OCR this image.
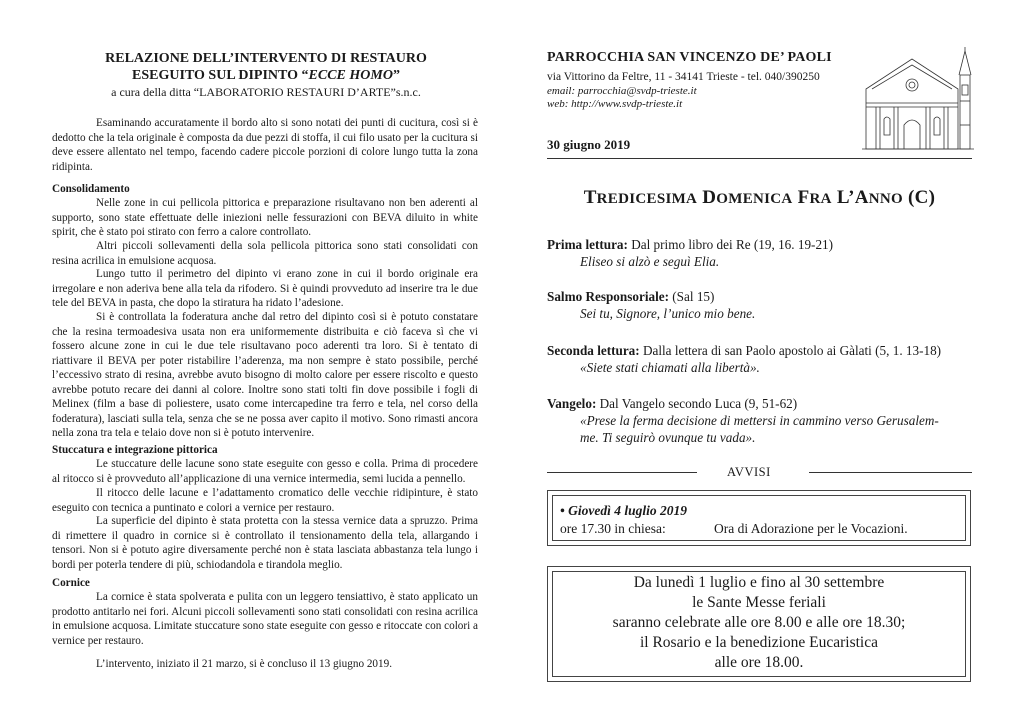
RELAZIONE DELL’INTERVENTO DI RESTAURO
ESEGUITO SUL DIPINTO “ECCE HOMO”
a cura della ditta “LABORATORIO RESTAURI D’ARTE”s.n.c.

Esaminando accuratamente il bordo alto si sono notati dei punti di cucitura, così si è dedotto che la tela originale è composta da due pezzi di stoffa, il cui filo usato per la cucitura si deve essere allentato nel tempo, facendo cadere piccole porzioni di colore lungo tutta la zona ridipinta.

Consolidamento

Nelle zone in cui pellicola pittorica e preparazione risultavano non ben aderenti al supporto, sono state effettuate delle iniezioni nelle fessurazioni con BEVA diluito in white spirit, che è stato poi stirato con ferro a calore controllato.

Altri piccoli sollevamenti della sola pellicola pittorica sono stati consolidati con resina acrilica in emulsione acquosa.

Lungo tutto il perimetro del dipinto vi erano zone in cui il bordo originale era irregolare e non aderiva bene alla tela da rifodero. Si è quindi provveduto ad inserire tra le due tele del BEVA in pasta, che dopo la stiratura ha ridato l’adesione.

Si è controllata la foderatura anche dal retro del dipinto così si è potuto constatare che la resina termoadesiva usata non era uniformemente distribuita e ciò faceva sì che vi fossero alcune zone in cui le due tele risultavano poco aderenti tra loro. Si è tentato di riattivare il BEVA per poter ristabilire l’aderenza, ma non sempre è stato possibile, perché l’eccessivo strato di resina, avrebbe avuto bisogno di molto calore per essere riscolto e questo avrebbe potuto recare dei danni al colore. Inoltre sono stati tolti fin dove possibile i fogli di Melinex (film a base di poliestere, usato come intercapedine tra ferro e tela, nel corso della foderatura), lasciati sulla tela, senza che se ne possa aver capito il motivo. Sono rimasti ancora nella zona tra tela e telaio dove non si è potuto intervenire.

Stuccatura e integrazione pittorica

Le stuccature delle lacune sono state eseguite con gesso e colla. Prima di procedere al ritocco si è provveduto all’applicazione di una vernice intermedia, semi lucida a pennello.

Il ritocco delle lacune e l’adattamento cromatico delle vecchie ridipinture, è stato eseguito con tecnica a puntinato e colori a vernice per restauro.

La superficie del dipinto è stata protetta con la stessa vernice data a spruzzo. Prima di rimettere il quadro in cornice si è controllato il tensionamento della tela, allargando i tensori. Non si è potuto agire diversamente perché non è stata lasciata abbastanza tela lungo i bordi per poterla tendere di più, schiodandola e tirandola meglio.

Cornice

La cornice è stata spolverata e pulita con un leggero tensiattivo, è stato applicato un prodotto antitarlo nei fori. Alcuni piccoli sollevamenti sono stati consolidati con resina acrilica in emulsione acquosa. Limitate stuccature sono state eseguite con gesso e ritoccate con colori a vernice per restauro.

L’intervento, iniziato il 21 marzo, si è concluso il 13 giugno 2019.

PARROCCHIA SAN VINCENZO DE’ PAOLI
via Vittorino da Feltre, 11 - 34141 Trieste - tel. 040/390250
email: parrocchia@svdp-trieste.it
web: http://www.svdp-trieste.it
30 giugno 2019
TREDICESIMA DOMENICA FRA L’ANNO (C)
Prima lettura: Dal primo libro dei Re (19, 16. 19-21)
Eliseo si alzò e seguì Elia.
Salmo Responsoriale: (Sal 15)
Sei tu, Signore, l’unico mio bene.
Seconda lettura: Dalla lettera di san Paolo apostolo ai Gàlati (5, 1. 13-18)
«Siete stati chiamati alla libertà».
Vangelo: Dal Vangelo secondo Luca (9, 51-62)
«Prese la ferma decisione di mettersi in cammino verso Gerusalem-
me. Ti seguirò ovunque tu vada».
AVVISI
• Giovedì 4 luglio 2019
ore 17.30 in chiesa:	Ora di Adorazione per le Vocazioni.
Da lunedì 1 luglio e fino al 30 settembre
le Sante Messe feriali
saranno celebrate alle ore 8.00 e alle ore 18.30;
il Rosario e la benedizione Eucaristica
alle ore 18.00.
